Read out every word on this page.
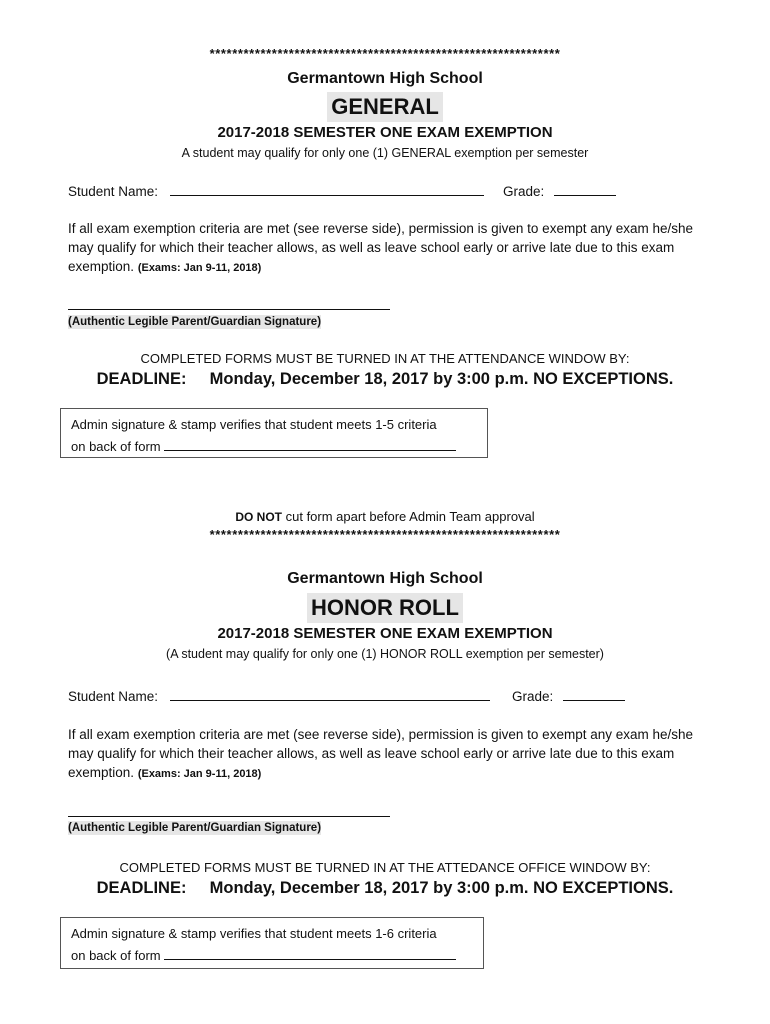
**************************************************************
Germantown High School
GENERAL
2017-2018 SEMESTER ONE EXAM EXEMPTION
A student may qualify for only one (1) GENERAL exemption per semester
Student Name:	Grade:
If all exam exemption criteria are met (see reverse side), permission is given to exempt any exam he/she may qualify for which their teacher allows, as well as leave school early or arrive late due to this exam exemption. (Exams: Jan 9-11, 2018)
(Authentic Legible Parent/Guardian Signature)
COMPLETED FORMS MUST BE TURNED IN AT THE ATTENDANCE WINDOW BY:
DEADLINE: Monday, December 18, 2017 by 3:00 p.m. NO EXCEPTIONS.
Admin signature & stamp verifies that student meets 1-5 criteria
on back of form
DO NOT cut form apart before Admin Team approval
**************************************************************
Germantown High School
HONOR ROLL
2017-2018 SEMESTER ONE EXAM EXEMPTION
(A student may qualify for only one (1) HONOR ROLL exemption per semester)
Student Name:	Grade:
If all exam exemption criteria are met (see reverse side), permission is given to exempt any exam he/she may qualify for which their teacher allows, as well as leave school early or arrive late due to this exam exemption. (Exams: Jan 9-11, 2018)
(Authentic Legible Parent/Guardian Signature)
COMPLETED FORMS MUST BE TURNED IN AT THE ATTEDANCE OFFICE WINDOW BY:
DEADLINE: Monday, December 18, 2017 by 3:00 p.m. NO EXCEPTIONS.
Admin signature & stamp verifies that student meets 1-6 criteria
on back of form
